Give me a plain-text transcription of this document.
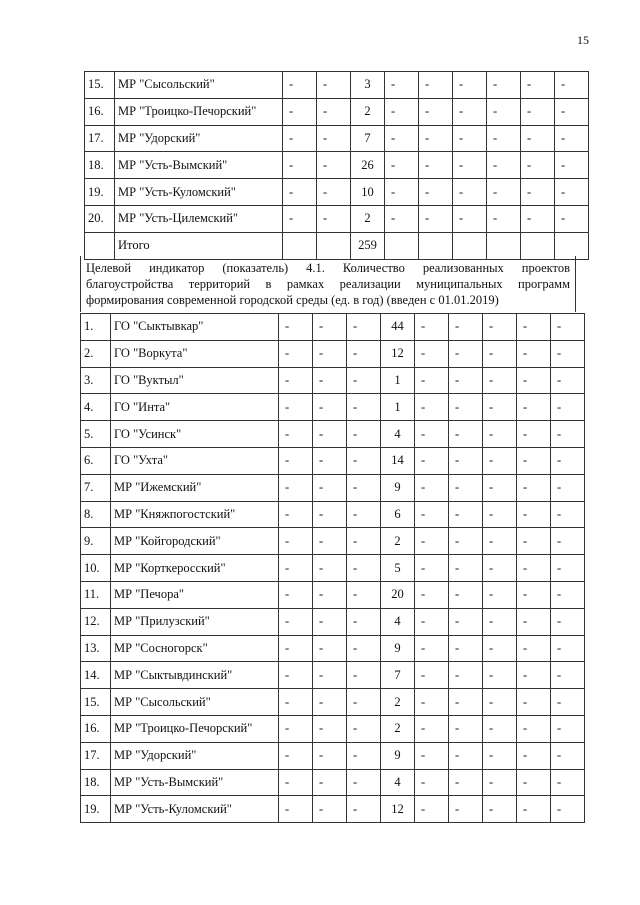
15
15.	МР "Сысольский"	-	-	3	-	-	-	-	-	-
16.	МР "Троицко-Печорский"	-	-	2	-	-	-	-	-	-
17.	МР "Удорский"	-	-	7	-	-	-	-	-	-
18.	МР "Усть-Вымский"	-	-	26	-	-	-	-	-	-
19.	МР "Усть-Куломский"	-	-	10	-	-	-	-	-	-
20.	МР "Усть-Цилемский"	-	-	2	-	-	-	-	-	-
	Итого			259						
Целевой индикатор (показатель) 4.1. Количество реализованных проектов благоустройства территорий в рамках реализации муниципальных программ формирования современной городской среды (ед. в год) (введен с 01.01.2019)
1.	ГО "Сыктывкар"	-	-	-	44	-	-	-	-	-
2.	ГО "Воркута"	-	-	-	12	-	-	-	-	-
3.	ГО "Вуктыл"	-	-	-	1	-	-	-	-	-
4.	ГО "Инта"	-	-	-	1	-	-	-	-	-
5.	ГО "Усинск"	-	-	-	4	-	-	-	-	-
6.	ГО "Ухта"	-	-	-	14	-	-	-	-	-
7.	МР "Ижемский"	-	-	-	9	-	-	-	-	-
8.	МР "Княжпогостский"	-	-	-	6	-	-	-	-	-
9.	МР "Койгородский"	-	-	-	2	-	-	-	-	-
10.	МР "Корткеросский"	-	-	-	5	-	-	-	-	-
11.	МР "Печора"	-	-	-	20	-	-	-	-	-
12.	МР "Прилузский"	-	-	-	4	-	-	-	-	-
13.	МР "Сосногорск"	-	-	-	9	-	-	-	-	-
14.	МР "Сыктывдинский"	-	-	-	7	-	-	-	-	-
15.	МР "Сысольский"	-	-	-	2	-	-	-	-	-
16.	МР "Троицко-Печорский"	-	-	-	2	-	-	-	-	-
17.	МР "Удорский"	-	-	-	9	-	-	-	-	-
18.	МР "Усть-Вымский"	-	-	-	4	-	-	-	-	-
19.	МР "Усть-Куломский"	-	-	-	12	-	-	-	-	-
